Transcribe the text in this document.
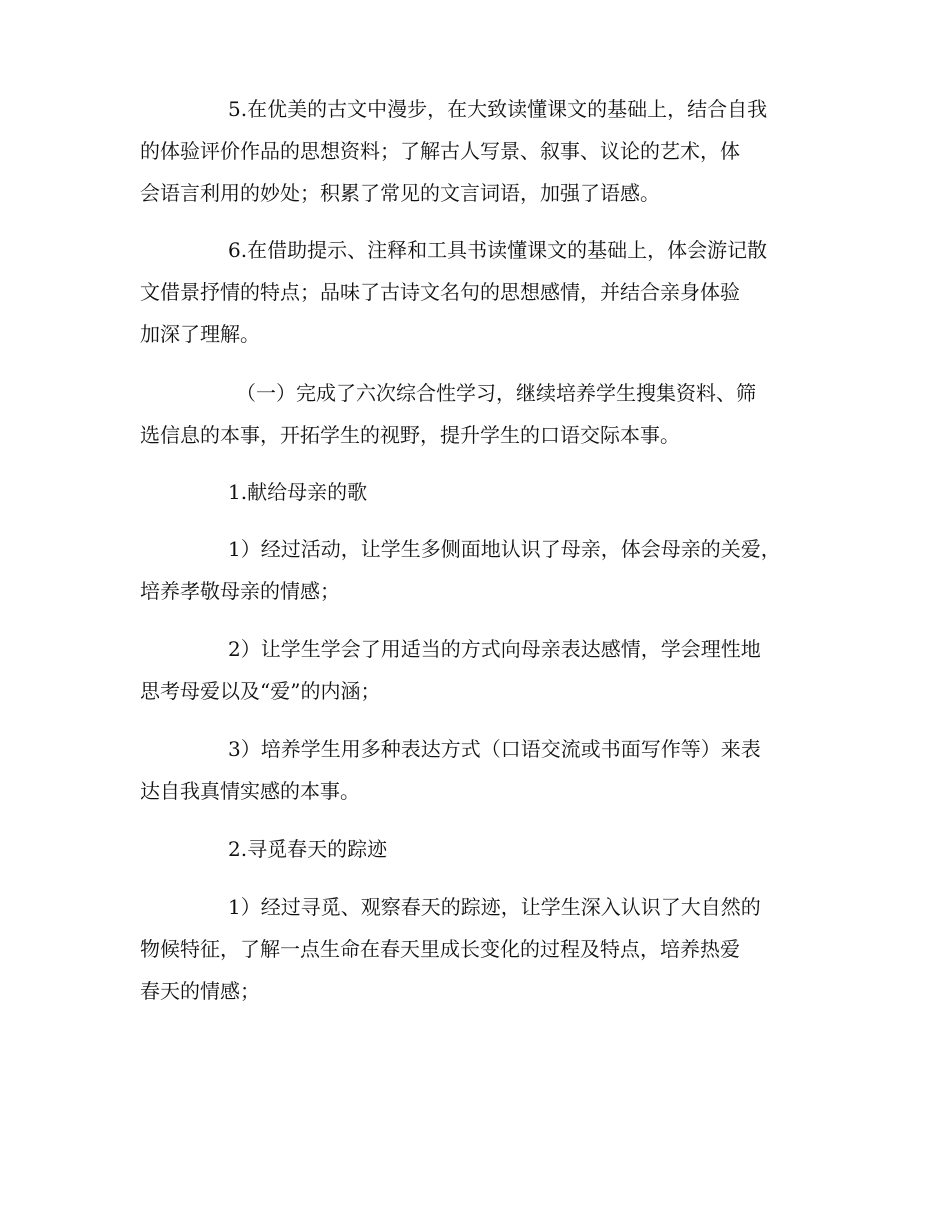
5.在优美的古文中漫步，在大致读懂课文的基础上，结合自我
的体验评价作品的思想资料；了解古人写景、叙事、议论的艺术，体
会语言利用的妙处；积累了常见的文言词语，加强了语感。
6.在借助提示、注释和工具书读懂课文的基础上，体会游记散
文借景抒情的特点；品味了古诗文名句的思想感情，并结合亲身体验
加深了理解。
（一）完成了六次综合性学习，继续培养学生搜集资料、筛
选信息的本事，开拓学生的视野，提升学生的口语交际本事。
1.献给母亲的歌
1）经过活动，让学生多侧面地认识了母亲，体会母亲的关爱，
培养孝敬母亲的情感；
2）让学生学会了用适当的方式向母亲表达感情，学会理性地
思考母爱以及“爱”的内涵；
3）培养学生用多种表达方式（口语交流或书面写作等）来表
达自我真情实感的本事。
2.寻觅春天的踪迹
1）经过寻觅、观察春天的踪迹，让学生深入认识了大自然的
物候特征，了解一点生命在春天里成长变化的过程及特点，培养热爱
春天的情感；
